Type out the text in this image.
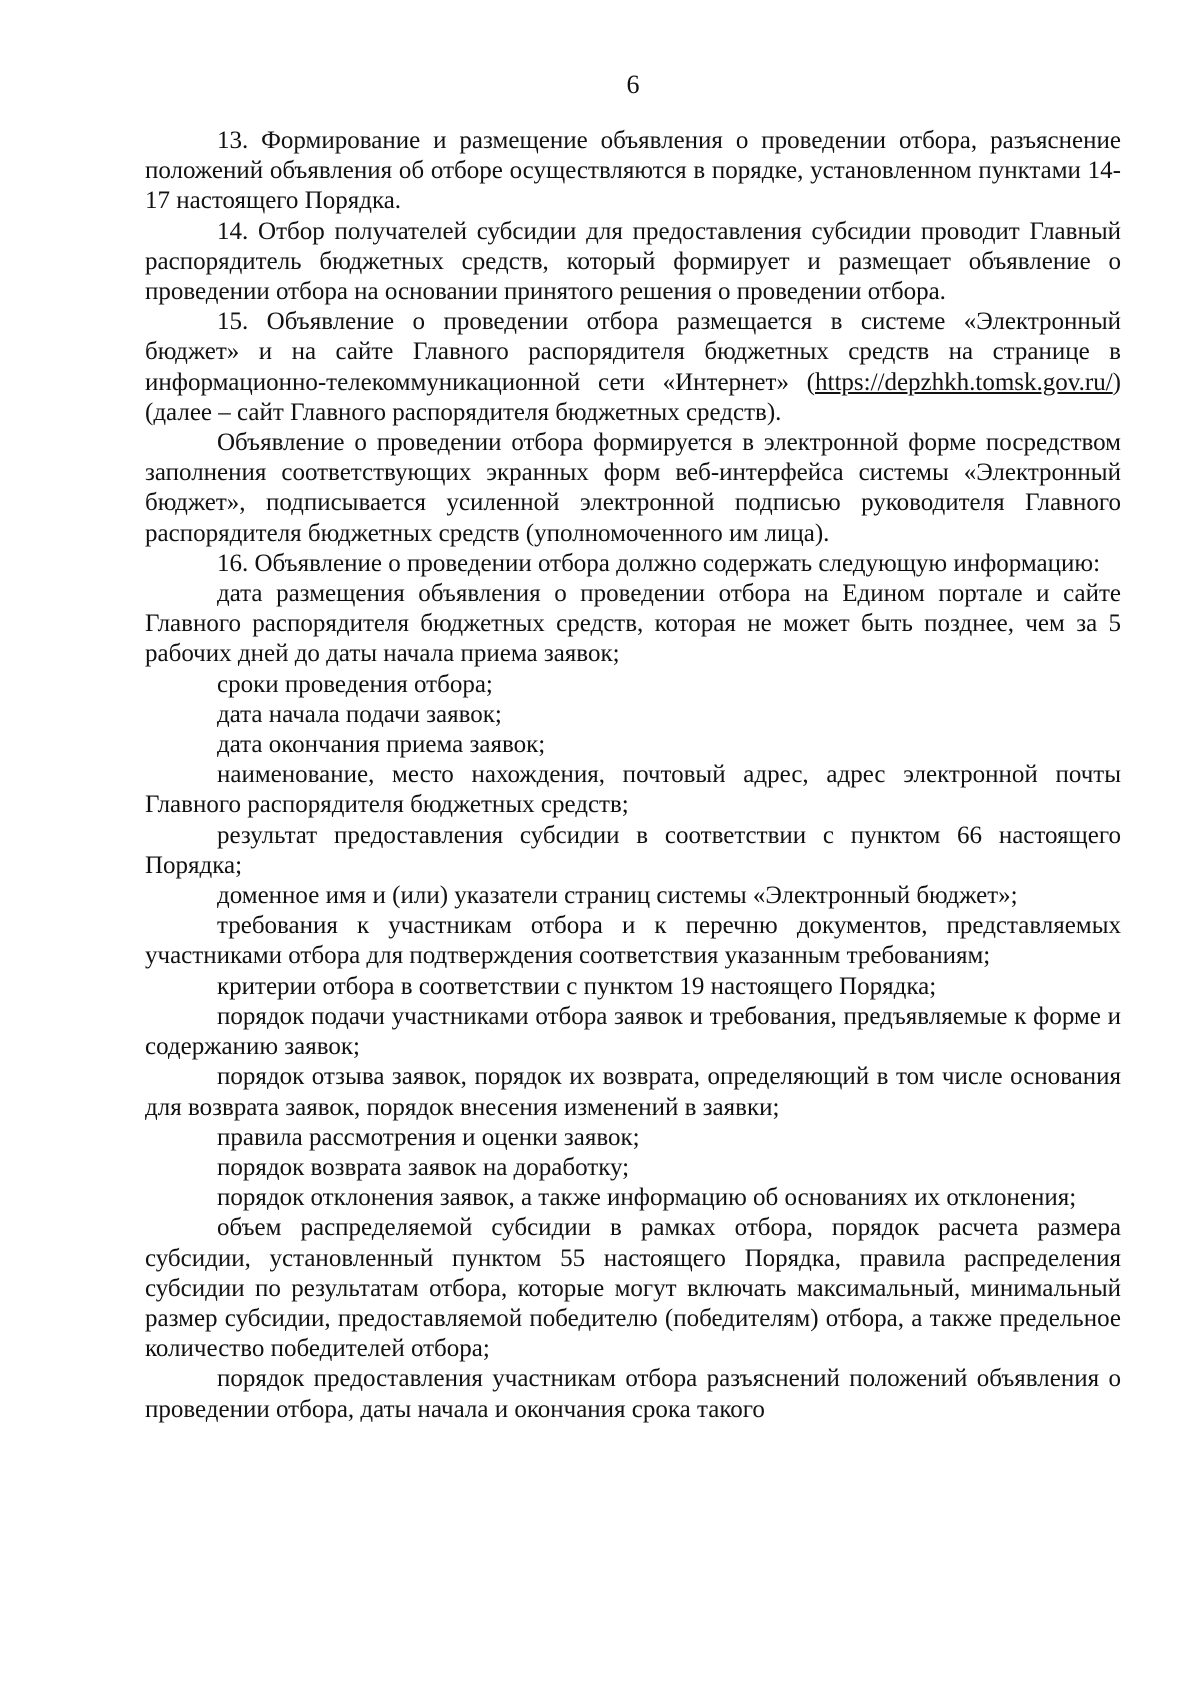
6

13. Формирование и размещение объявления о проведении отбора, разъяснение положений объявления об отборе осуществляются в порядке, установленном пунктами 14-17 настоящего Порядка.

14. Отбор получателей субсидии для предоставления субсидии проводит Главный распорядитель бюджетных средств, который формирует и размещает объявление о проведении отбора на основании принятого решения о проведении отбора.

15. Объявление о проведении отбора размещается в системе «Электронный бюджет» и на сайте Главного распорядителя бюджетных средств на странице в информационно-телекоммуникационной сети «Интернет» (https://depzhkh.tomsk.gov.ru/) (далее – сайт Главного распорядителя бюджетных средств).

Объявление о проведении отбора формируется в электронной форме посредством заполнения соответствующих экранных форм веб-интерфейса системы «Электронный бюджет», подписывается усиленной электронной подписью руководителя Главного распорядителя бюджетных средств (уполномоченного им лица).

16. Объявление о проведении отбора должно содержать следующую информацию:

дата размещения объявления о проведении отбора на Едином портале и сайте Главного распорядителя бюджетных средств, которая не может быть позднее, чем за 5 рабочих дней до даты начала приема заявок;

сроки проведения отбора;

дата начала подачи заявок;

дата окончания приема заявок;

наименование, место нахождения, почтовый адрес, адрес электронной почты Главного распорядителя бюджетных средств;

результат предоставления субсидии в соответствии с пунктом 66 настоящего Порядка;

доменное имя и (или) указатели страниц системы «Электронный бюджет»;

требования к участникам отбора и к перечню документов, представляемых участниками отбора для подтверждения соответствия указанным требованиям;

критерии отбора в соответствии с пунктом 19 настоящего Порядка;

порядок подачи участниками отбора заявок и требования, предъявляемые к форме и содержанию заявок;

порядок отзыва заявок, порядок их возврата, определяющий в том числе основания для возврата заявок, порядок внесения изменений в заявки;

правила рассмотрения и оценки заявок;

порядок возврата заявок на доработку;

порядок отклонения заявок, а также информацию об основаниях их отклонения;

объем распределяемой субсидии в рамках отбора, порядок расчета размера субсидии, установленный пунктом 55 настоящего Порядка, правила распределения субсидии по результатам отбора, которые могут включать максимальный, минимальный размер субсидии, предоставляемой победителю (победителям) отбора, а также предельное количество победителей отбора;

порядок предоставления участникам отбора разъяснений положений объявления о проведении отбора, даты начала и окончания срока такого
